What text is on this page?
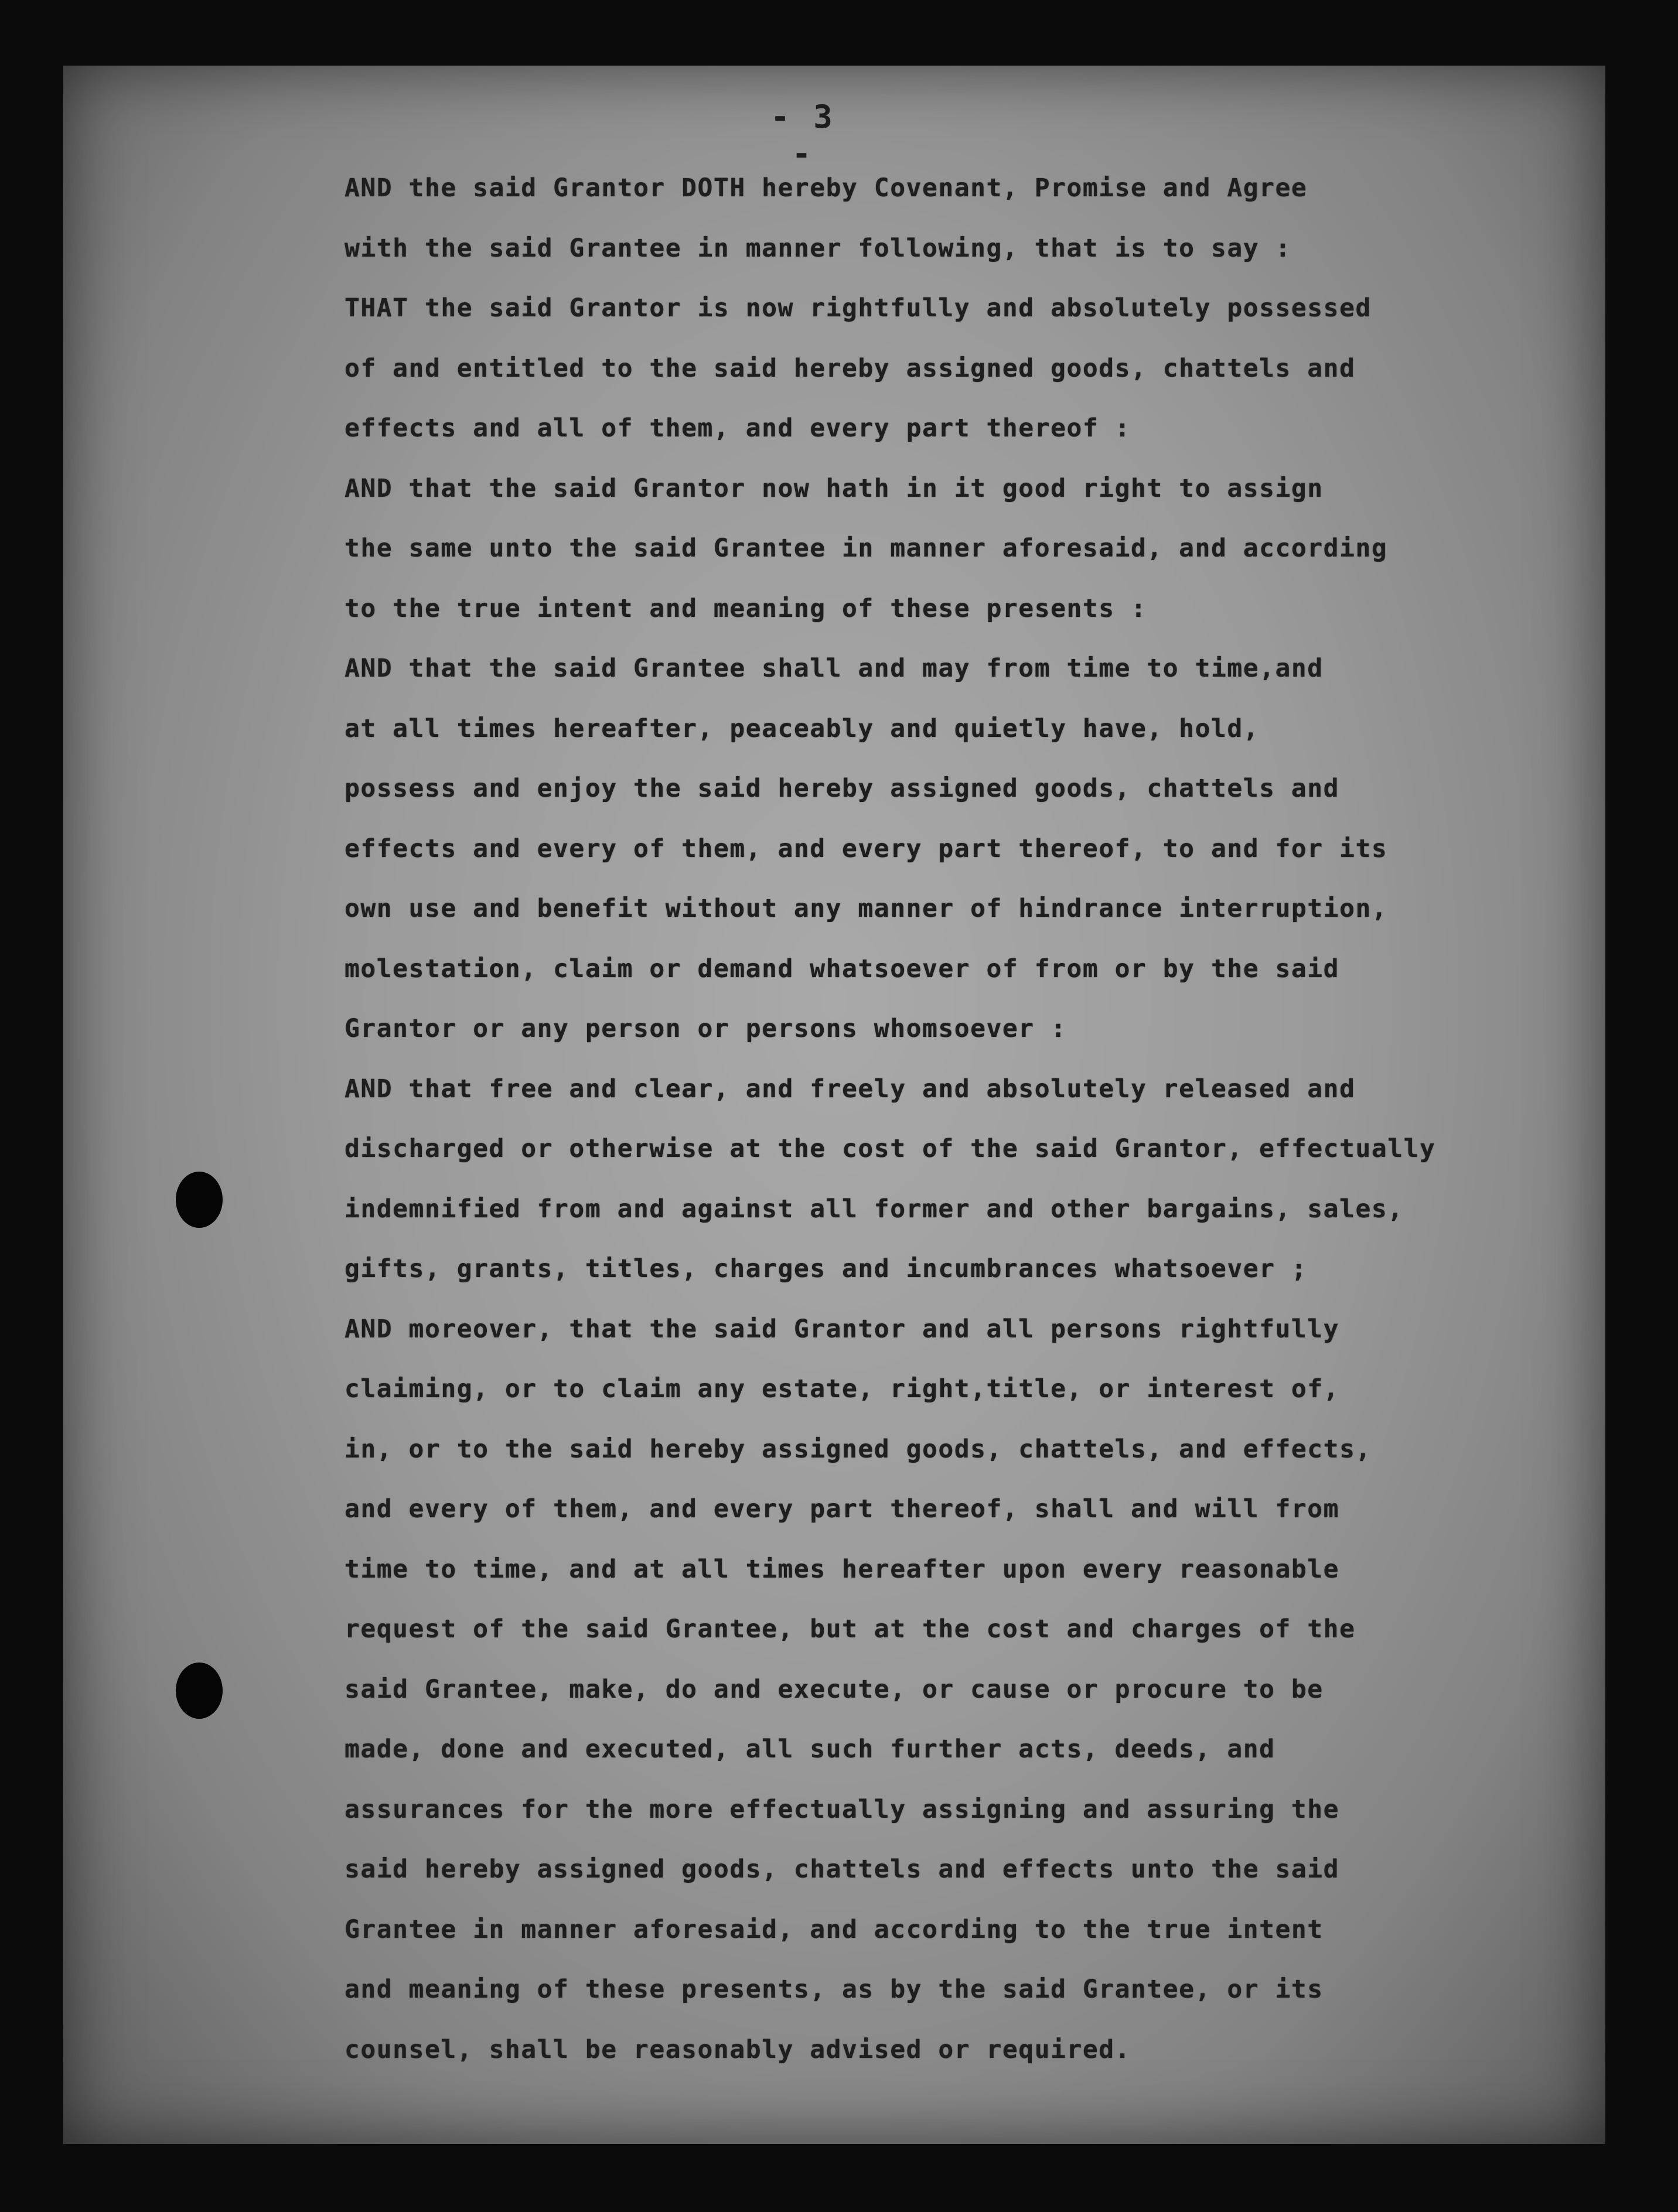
- 3 -
AND the said Grantor DOTH hereby Covenant, Promise and Agree
with the said Grantee in manner following, that is to say :
THAT the said Grantor is now rightfully and absolutely possessed
of and entitled to the said hereby assigned goods, chattels and
effects and all of them, and every part thereof :
AND that the said Grantor now hath in it good right to assign
the same unto the said Grantee in manner aforesaid, and according
to the true intent and meaning of these presents :
AND that the said Grantee shall and may from time to time,and
at all times hereafter, peaceably and quietly have, hold,
possess and enjoy the said hereby assigned goods, chattels and
effects and every of them, and every part thereof, to and for its
own use and benefit without any manner of hindrance interruption,
molestation, claim or demand whatsoever of from or by the said
Grantor or any person or persons whomsoever :
AND that free and clear, and freely and absolutely released and
discharged or otherwise at the cost of the said Grantor, effectually
indemnified from and against all former and other bargains, sales,
gifts, grants, titles, charges and incumbrances whatsoever ;
AND moreover, that the said Grantor and all persons rightfully
claiming, or to claim any estate, right,title, or interest of,
in, or to the said hereby assigned goods, chattels, and effects,
and every of them, and every part thereof, shall and will from
time to time, and at all times hereafter upon every reasonable
request of the said Grantee, but at the cost and charges of the
said Grantee, make, do and execute, or cause or procure to be
made, done and executed, all such further acts, deeds, and
assurances for the more effectually assigning and assuring the
said hereby assigned goods, chattels and effects unto the said
Grantee in manner aforesaid, and according to the true intent
and meaning of these presents, as by the said Grantee, or its
counsel, shall be reasonably advised or required.
